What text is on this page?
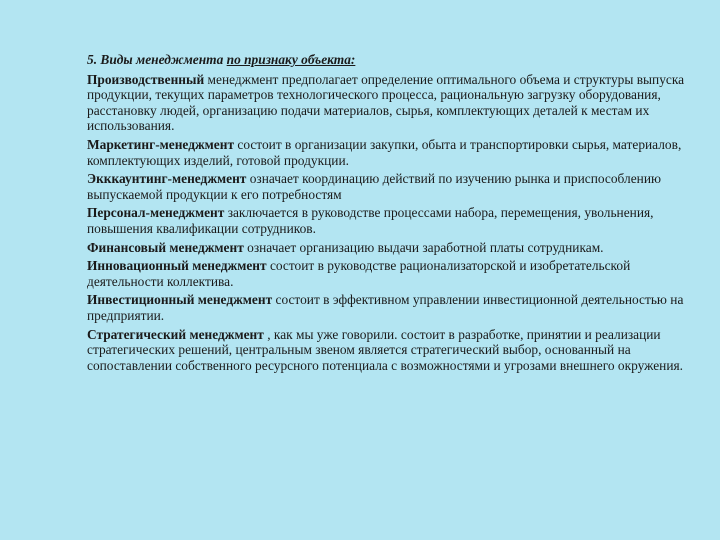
5. Виды менеджмента по признаку объекта:
Производственный менеджмент предполагает определение оптимального объема и структуры выпуска продукции, текущих параметров технологического процесса, рациональную загрузку оборудования, расстановку людей, организацию подачи материалов, сырья, комплектующих деталей к местам их использования.
Маркетинг-менеджмент состоит в организации закупки, обыта и транспортировки сырья, материалов, комплектующих изделий, готовой продукции.
Экккаунтинг-менеджмент означает координацию действий по изучению рынка и приспособлению выпускаемой продукции к его потребностям
Персонал-менеджмент заключается в руководстве процессами набора, перемещения, увольнения, повышения квалификации сотрудников.
Финансовый менеджмент означает организацию выдачи заработной платы сотрудникам.
Инновационный менеджмент состоит в руководстве рационализаторской и изобретательской деятельности коллектива.
Инвестиционный менеджмент состоит в эффективном управлении инвестиционной деятельностью на предприятии.
Стратегический менеджмент , как мы уже говорили. состоит в разработке, принятии и реализации стратегических решений, центральным звеном является стратегический выбор, основанный на сопоставлении собственного ресурсного потенциала с возможностями и угрозами внешнего окружения.
